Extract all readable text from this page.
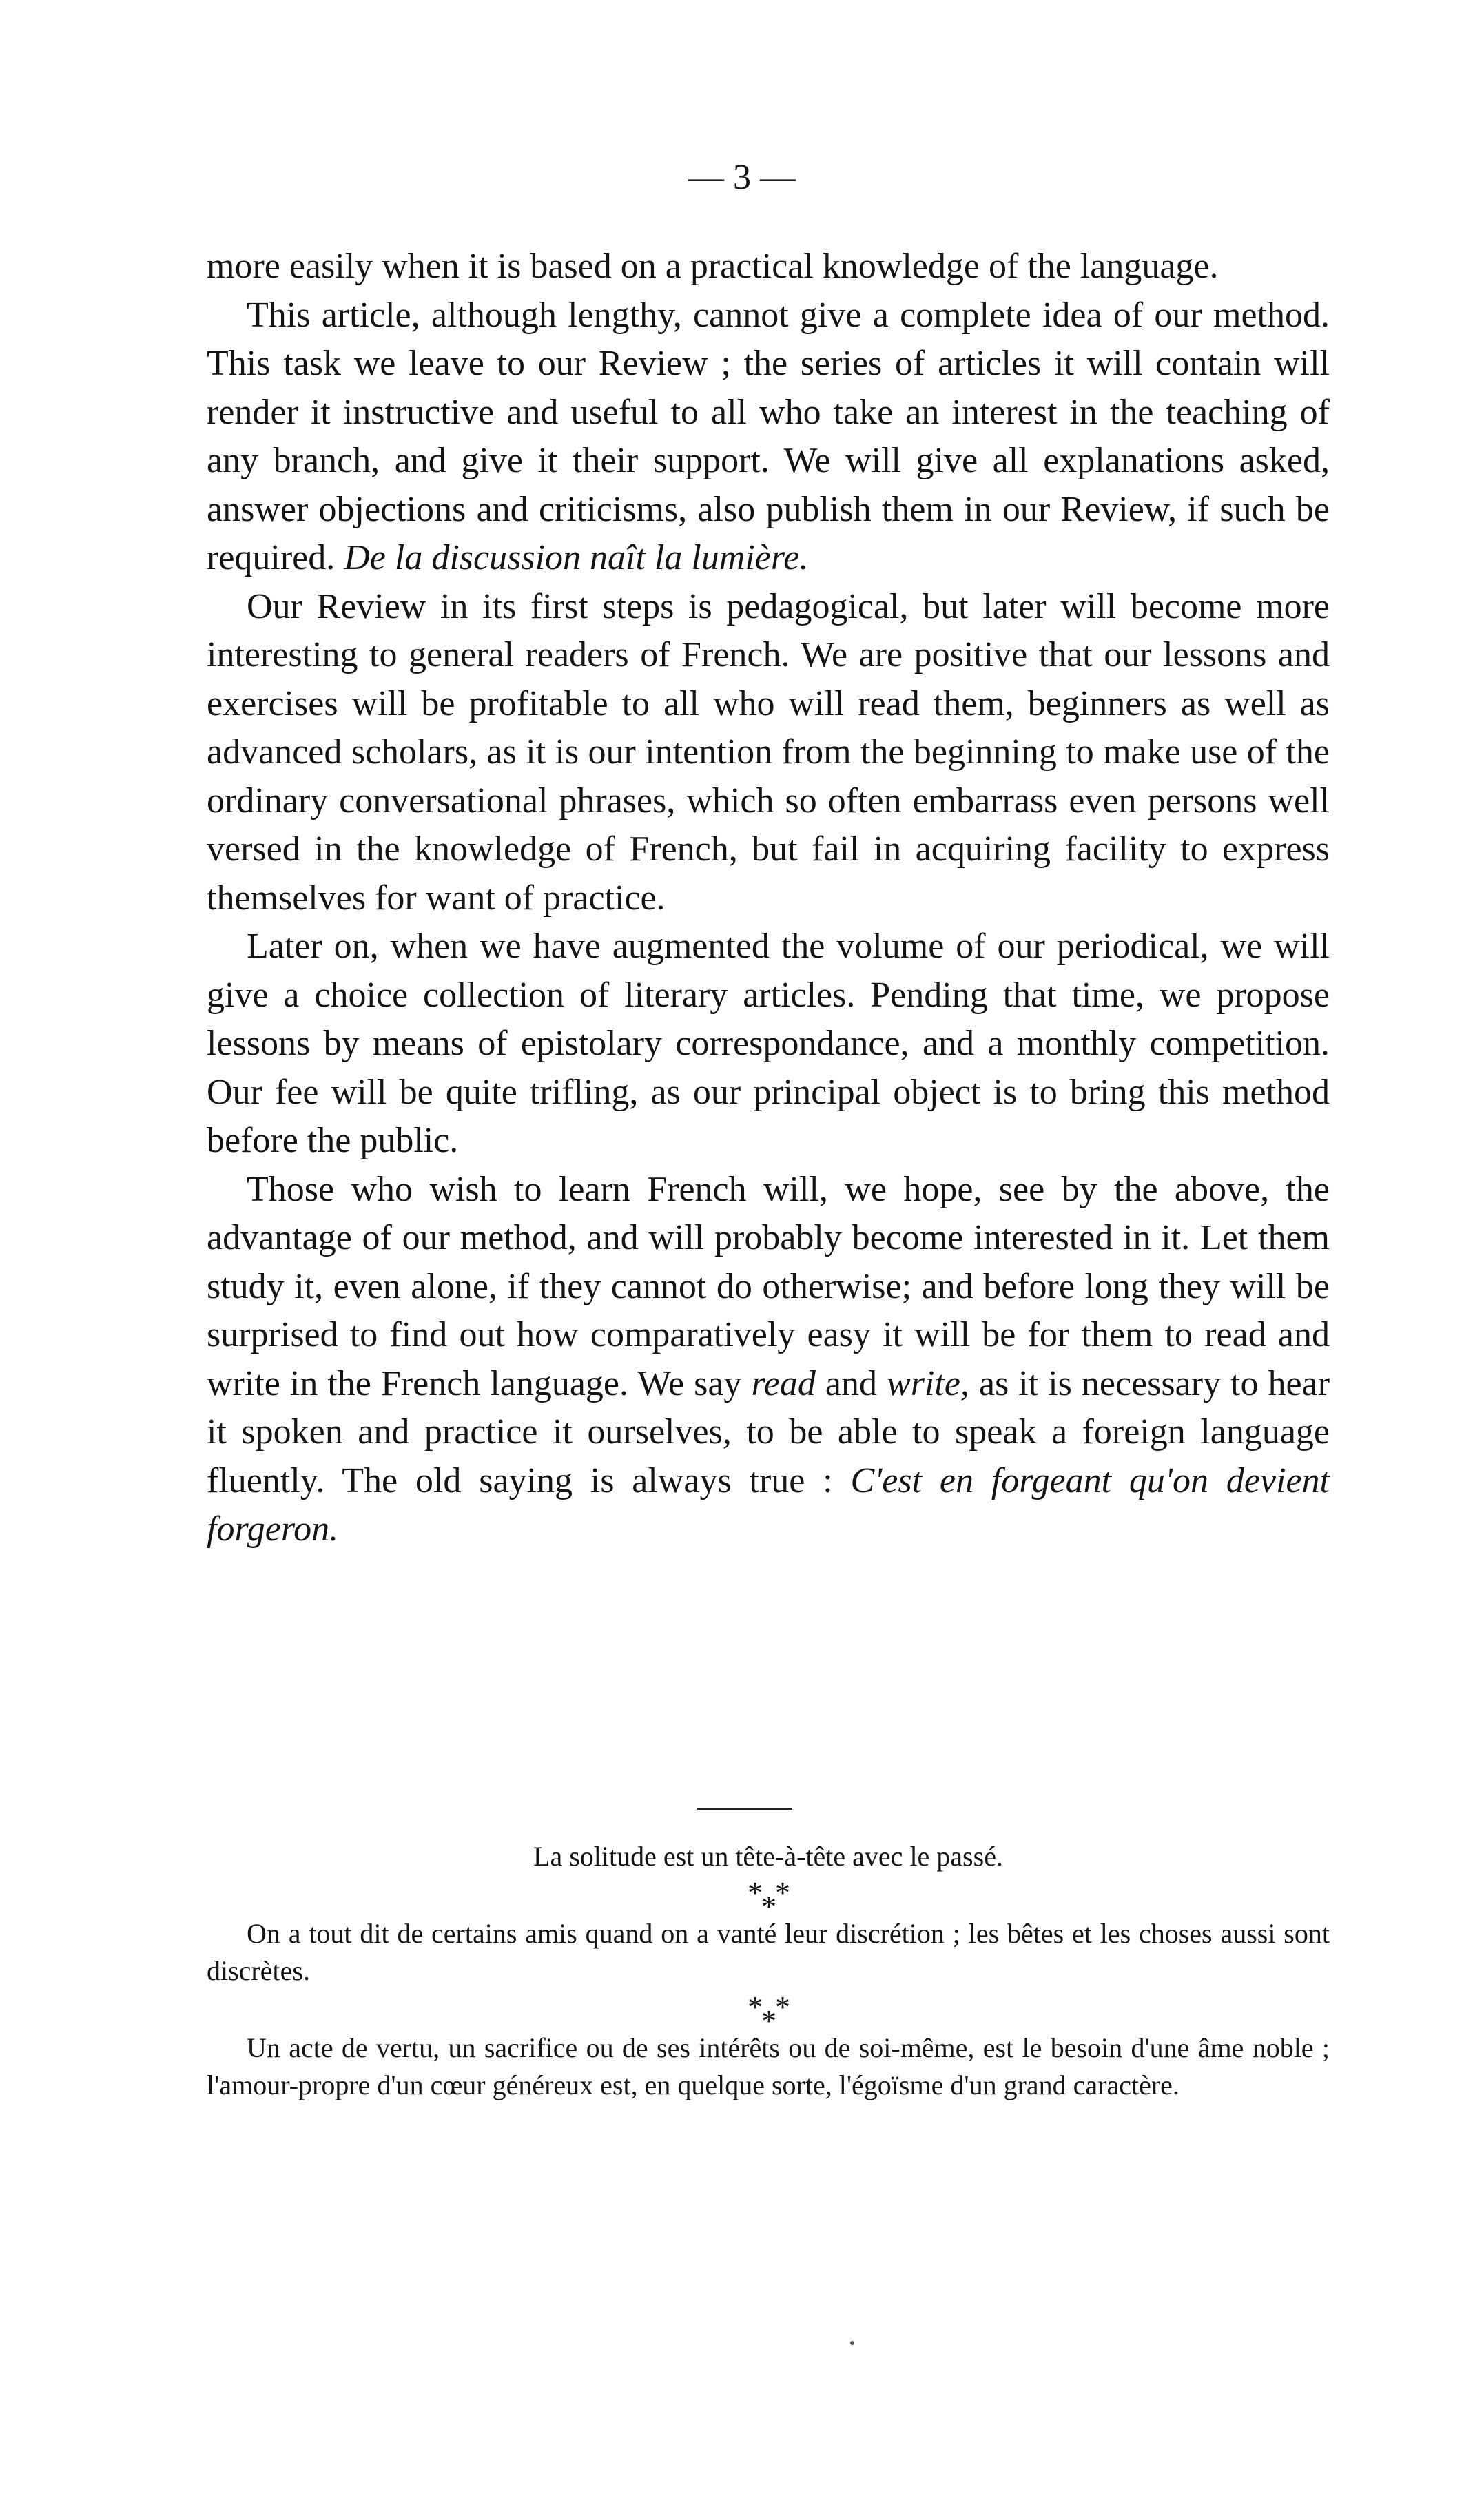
— 3 —

more easily when it is based on a practical knowledge of the language.

This article, although lengthy, cannot give a complete idea of our method. This task we leave to our Review ; the series of articles it will contain will render it instructive and useful to all who take an interest in the teaching of any branch, and give it their support. We will give all explanations asked, answer objections and criticisms, also publish them in our Review, if such be required. De la discussion naît la lumière.

Our Review in its first steps is pedagogical, but later will become more interesting to general readers of French. We are positive that our lessons and exercises will be profitable to all who will read them, beginners as well as advanced scholars, as it is our intention from the beginning to make use of the ordinary conversational phrases, which so often embarrass even persons well versed in the knowledge of French, but fail in acquiring facility to express themselves for want of practice.

Later on, when we have augmented the volume of our periodical, we will give a choice collection of literary articles. Pending that time, we propose lessons by means of epistolary correspondance, and a monthly competition. Our fee will be quite trifling, as our principal object is to bring this method before the public.

Those who wish to learn French will, we hope, see by the above, the advantage of our method, and will probably become interested in it. Let them study it, even alone, if they cannot do otherwise; and before long they will be surprised to find out how comparatively easy it will be for them to read and write in the French language. We say read and write, as it is necessary to hear it spoken and practice it ourselves, to be able to speak a foreign language fluently. The old saying is always true : C'est en forgeant qu'on devient forgeron.

La solitude est un tête-à-tête avec le passé.

* *
*

On a tout dit de certains amis quand on a vanté leur discrétion ; les bêtes et les choses aussi sont discrètes.

* *
*

Un acte de vertu, un sacrifice ou de ses intérêts ou de soi-même, est le besoin d'une âme noble ; l'amour-propre d'un cœur généreux est, en quelque sorte, l'égoïsme d'un grand caractère.
